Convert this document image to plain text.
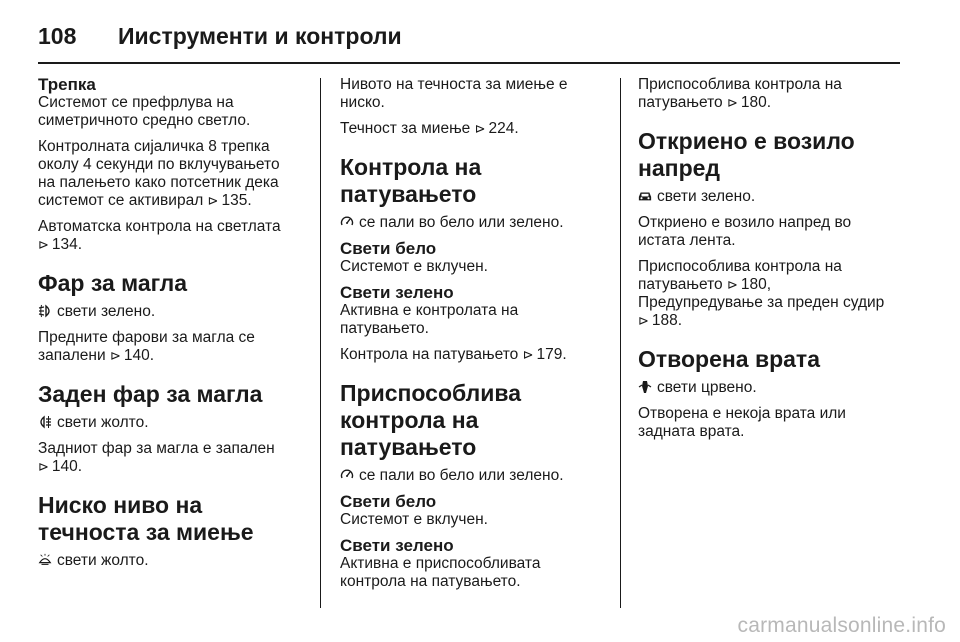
108	Ииструменти и контроли
Трепка
Системот се префрлува на симетричното средно светло.
Контролната сијаличка 8 трепка околу 4 секунди по вклучувањето на палењето како потсетник дека системот се активирал ⊳ 135.
Автоматска контрола на светлата
⊳ 134.
Фар за магла
свети зелено.
Предните фарови за магла се запалени ⊳ 140.
Заден фар за магла
свети жолто.
Задниот фар за магла е запален
⊳ 140.
Ниско ниво на течноста за миење
свети жолто.
Нивото на течноста за миење е ниско.
Течност за миење ⊳ 224.
Контрола на патувањето
се пали во бело или зелено.
Свети бело
Системот е вклучен.
Свети зелено
Активна е контролата на патувањето.
Контрола на патувањето ⊳ 179.
Приспособлива контрола на патувањето
се пали во бело или зелено.
Свети бело
Системот е вклучен.
Свети зелено
Активна е приспособливата контрола на патувањето.
Приспособлива контрола на патувањето ⊳ 180.
Откриено е возило напред
свети зелено.
Откриено е возило напред во истата лента.
Приспособлива контрола на патувањето ⊳ 180,
Предупредување за преден судир
⊳ 188.
Отворена врата
свети црвено.
Отворена е некоја врата или задната врата.
carmanualsonline.info
